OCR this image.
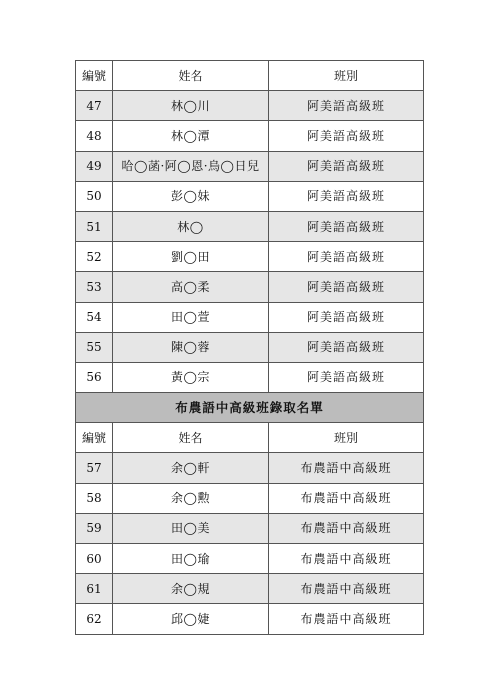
編號	姓名	班別
47	林◯川	阿美語高級班
48	林◯潭	阿美語高級班
49	哈◯菡·阿◯恩·烏◯日兒	阿美語高級班
50	彭◯妹	阿美語高級班
51	林◯	阿美語高級班
52	劉◯田	阿美語高級班
53	高◯柔	阿美語高級班
54	田◯萱	阿美語高級班
55	陳◯蓉	阿美語高級班
56	黃◯宗	阿美語高級班
布農語中高級班錄取名單		
編號	姓名	班別
57	余◯軒	布農語中高級班
58	余◯勲	布農語中高級班
59	田◯美	布農語中高級班
60	田◯瑜	布農語中高級班
61	余◯規	布農語中高級班
62	邱◯婕	布農語中高級班
